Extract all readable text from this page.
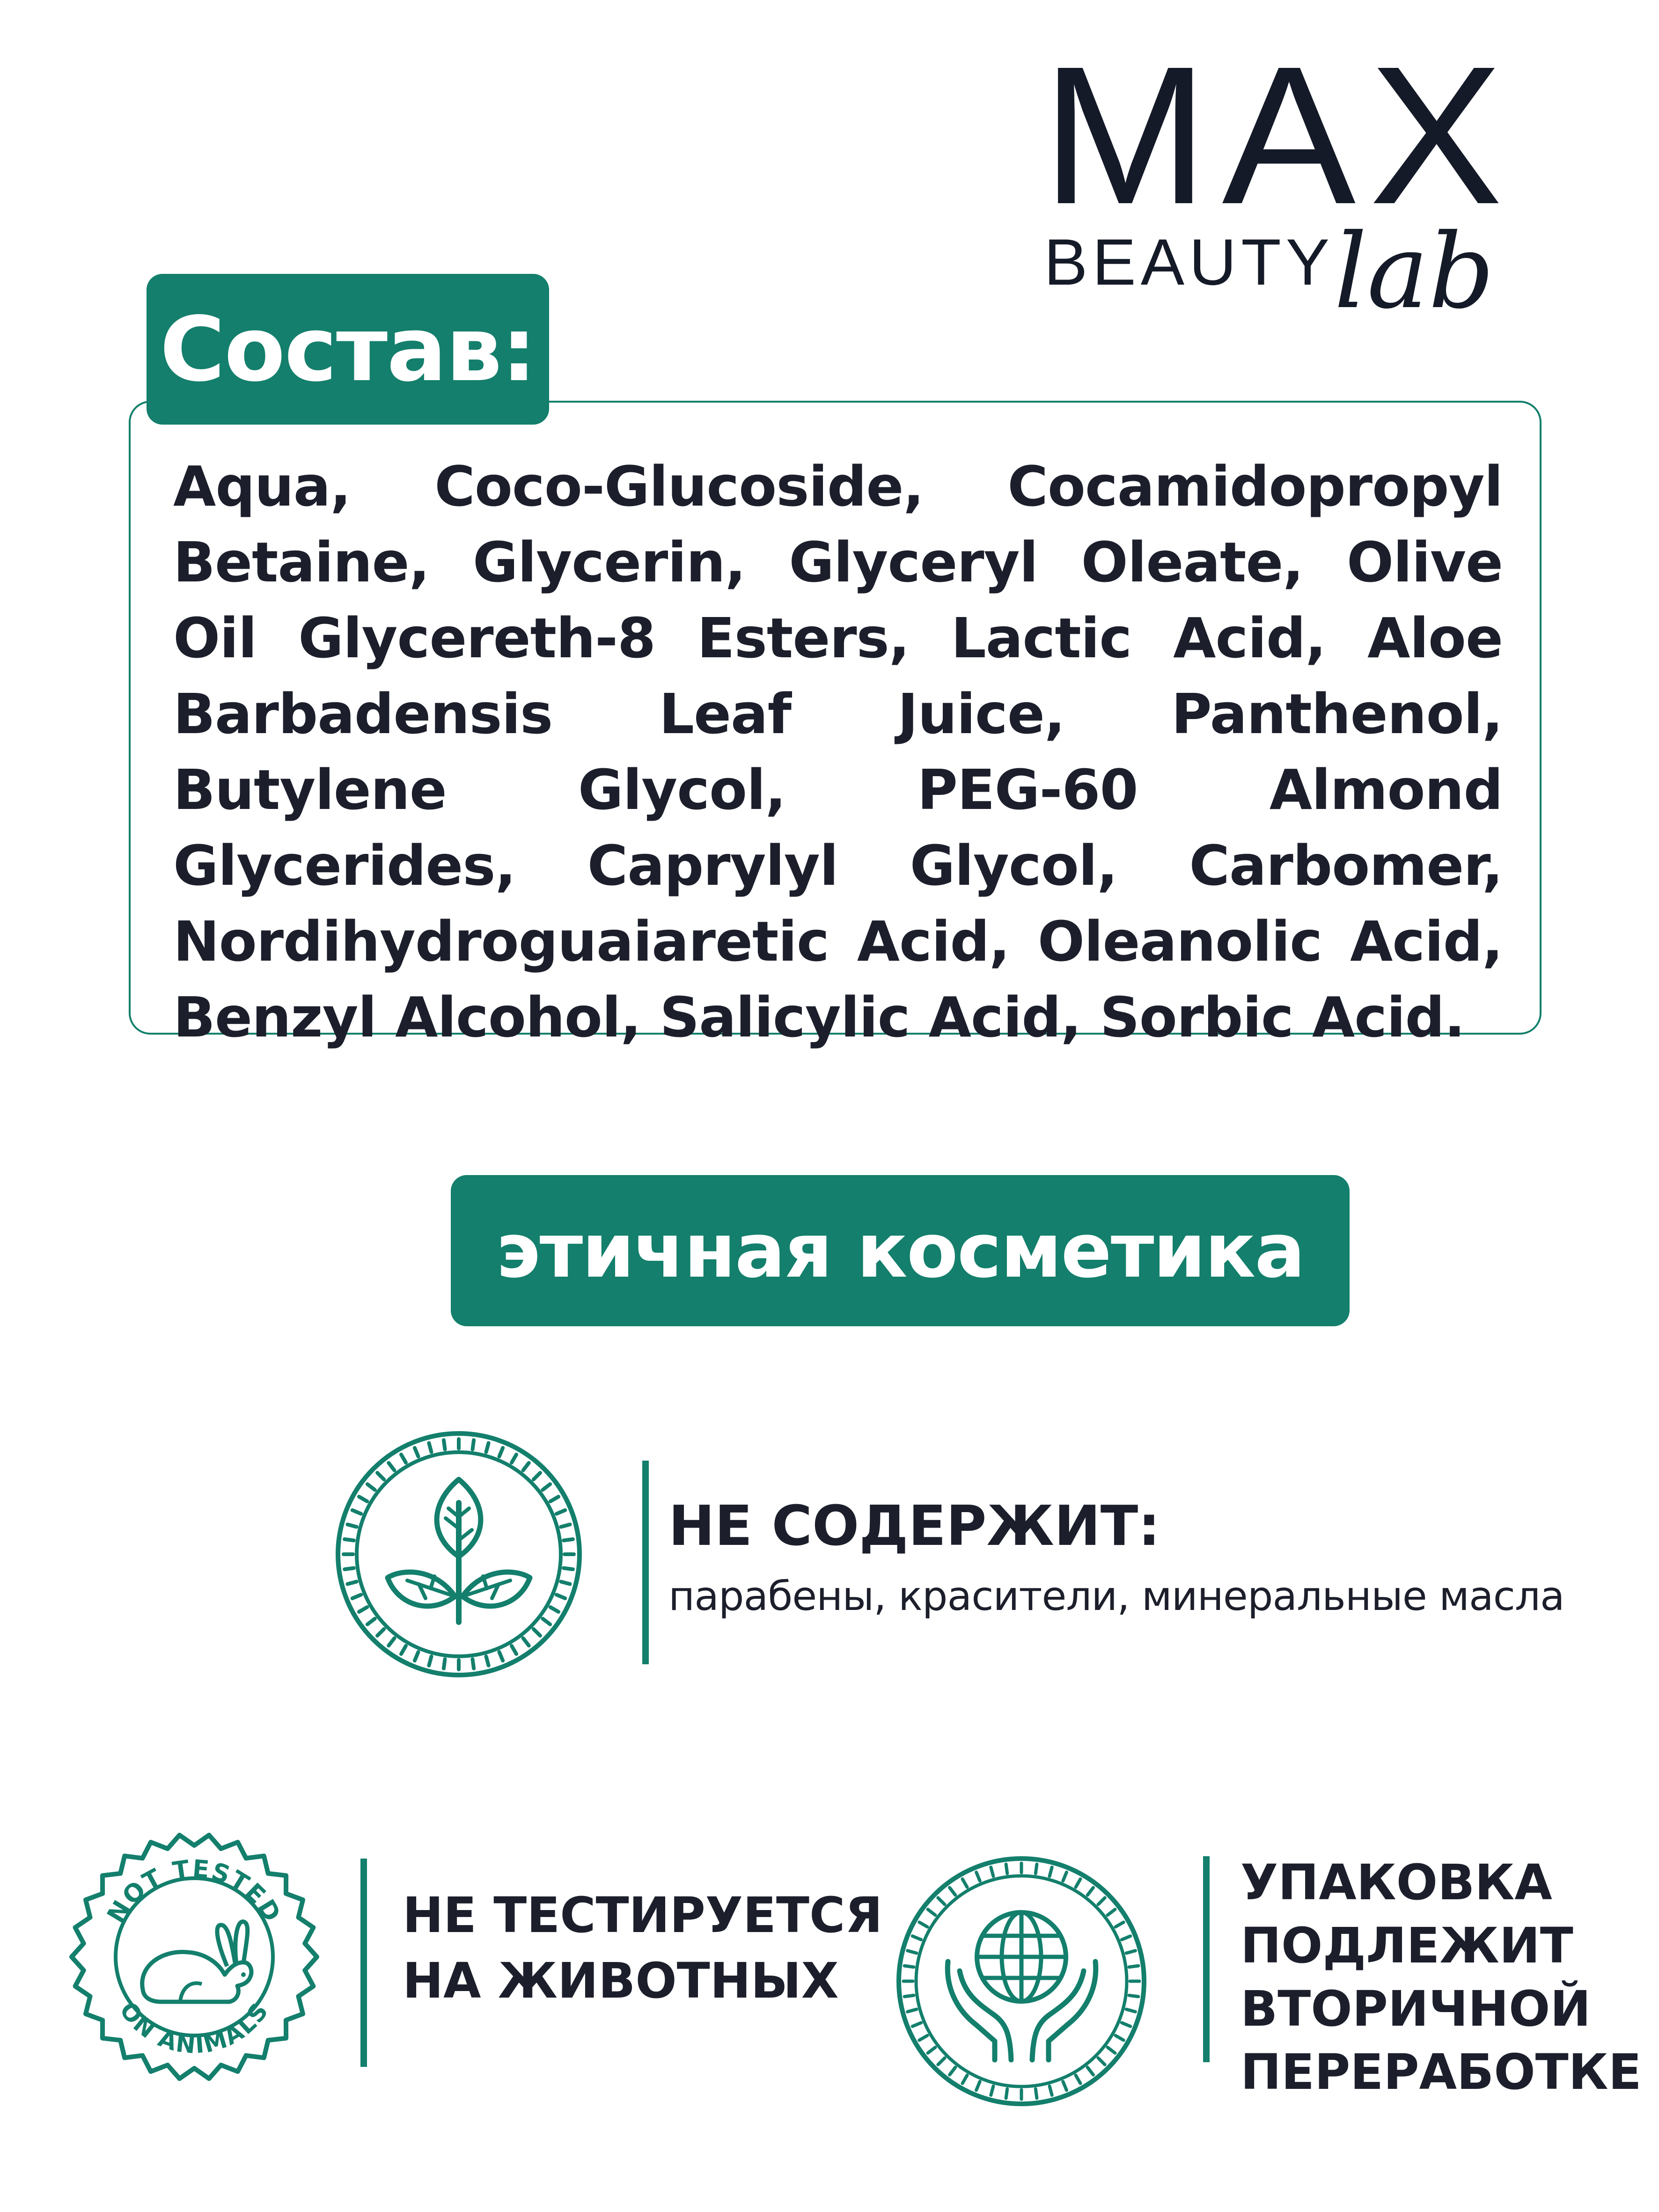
MAX
BEAUTY lab
Состав:
Aqua, Coco-Glucoside, Cocamidopropyl Betaine, Glycerin, Glyceryl Oleate, Olive Oil Glycereth-8 Esters, Lactic Acid, Aloe Barbadensis Leaf Juice, Panthenol, Butylene Glycol, PEG-60 Almond Glycerides, Caprylyl Glycol, Carbomer, Nordihydroguaiaretic Acid, Oleanolic Acid, Benzyl Alcohol, Salicylic Acid, Sorbic Acid.
этичная косметика
НЕ СОДЕРЖИТ:
парабены, красители, минеральные масла
NOT TESTED
ON ANIMALS
НЕ ТЕСТИРУЕТСЯ
НА ЖИВОТНЫХ
УПАКОВКА
ПОДЛЕЖИТ
ВТОРИЧНОЙ
ПЕРЕРАБОТКЕ
